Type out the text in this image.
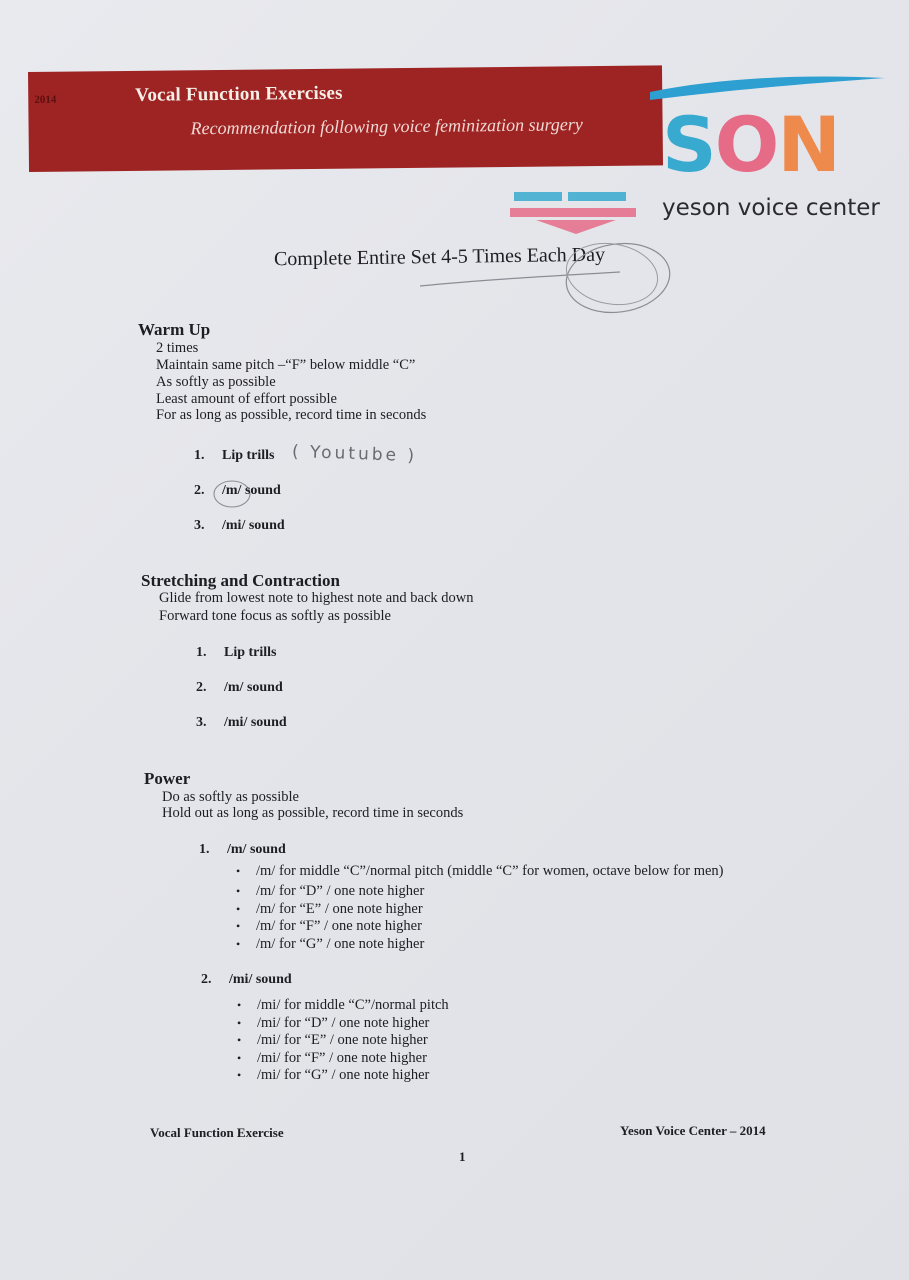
2014	Vocal Function Exercises
Recommendation following voice feminization surgery SON
yeson voice center
Complete Entire Set 4-5 Times Each Day
Warm Up
2 times
Maintain same pitch –“F” below middle “C”
As softly as possible
Least amount of effort possible
For as long as possible, record time in seconds
1. Lip trills ( Youtube )
2. /m/ sound
3. /mi/ sound
Stretching and Contraction
Glide from lowest note to highest note and back down
Forward tone focus as softly as possible
1. Lip trills
2. /m/ sound
3. /mi/ sound
Power
Do as softly as possible
Hold out as long as possible, record time in seconds
1. /m/ sound
• /m/ for middle “C”/normal pitch (middle “C” for women, octave below for men)
• /m/ for “D” / one note higher
• /m/ for “E” / one note higher
• /m/ for “F” / one note higher
• /m/ for “G” / one note higher
2. /mi/ sound
• /mi/ for middle “C”/normal pitch
• /mi/ for “D” / one note higher
• /mi/ for “E” / one note higher
• /mi/ for “F” / one note higher
• /mi/ for “G” / one note higher
Vocal Function Exercise	Yeson Voice Center – 2014
1
